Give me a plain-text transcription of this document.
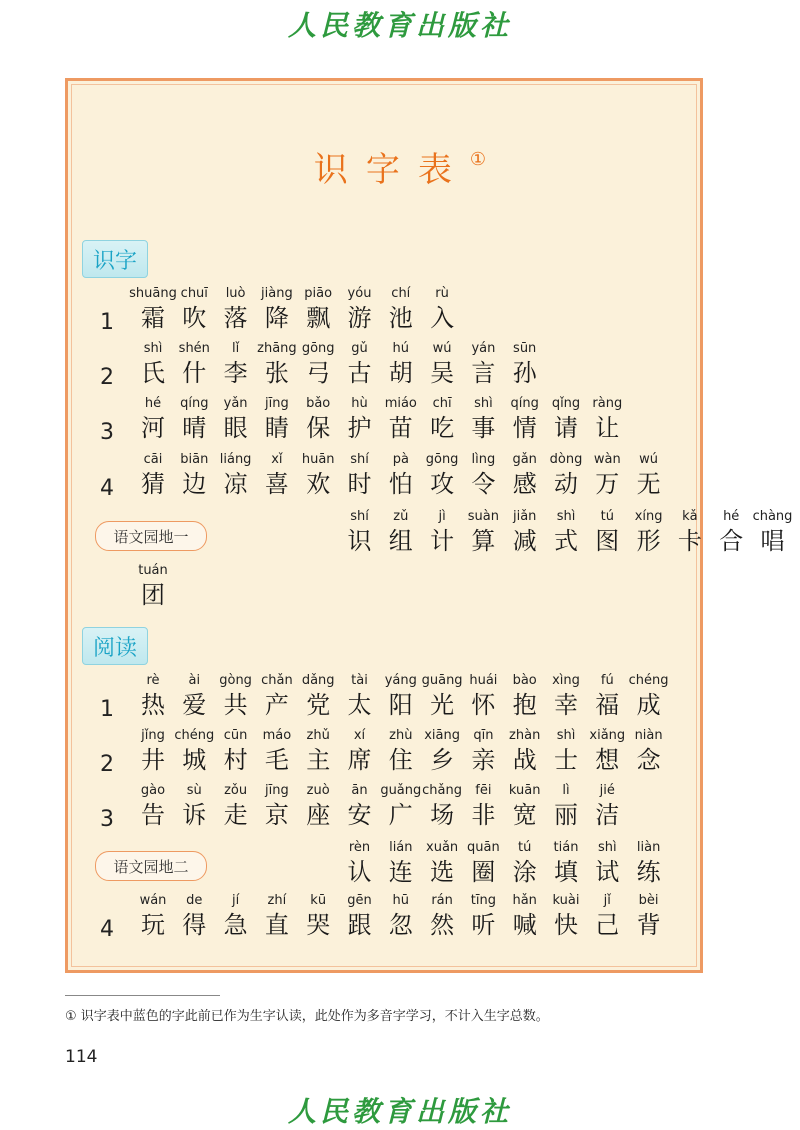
人民教育出版社
识字表①
识字
语文园地一
阅读
语文园地二
1
shuāng
霜
chuī
吹
luò
落
jiàng
降
piāo
飘
yóu
游
chí
池
rù
入
2
shì
氏
shén
什
lǐ
李
zhāng
张
gōng
弓
gǔ
古
hú
胡
wú
吴
yán
言
sūn
孙
3
hé
河
qíng
晴
yǎn
眼
jīng
睛
bǎo
保
hù
护
miáo
苗
chī
吃
shì
事
qíng
情
qǐng
请
ràng
让
4
cāi
猜
biān
边
liáng
凉
xǐ
喜
huān
欢
shí
时
pà
怕
gōng
攻
lìng
令
gǎn
感
dòng
动
wàn
万
wú
无
shí
识
zǔ
组
jì
计
suàn
算
jiǎn
减
shì
式
tú
图
xíng
形
kǎ
卡
hé
合
chàng
唱
tuán
团
1
rè
热
ài
爱
gòng
共
chǎn
产
dǎng
党
tài
太
yáng
阳
guāng
光
huái
怀
bào
抱
xìng
幸
fú
福
chéng
成
2
jǐng
井
chéng
城
cūn
村
máo
毛
zhǔ
主
xí
席
zhù
住
xiāng
乡
qīn
亲
zhàn
战
shì
士
xiǎng
想
niàn
念
3
gào
告
sù
诉
zǒu
走
jīng
京
zuò
座
ān
安
guǎng
广
chǎng
场
fēi
非
kuān
宽
lì
丽
jié
洁
rèn
认
lián
连
xuǎn
选
quān
圈
tú
涂
tián
填
shì
试
liàn
练
4
wán
玩
de
得
jí
急
zhí
直
kū
哭
gēn
跟
hū
忽
rán
然
tīng
听
hǎn
喊
kuài
快
jǐ
己
bèi
背
① 识字表中蓝色的字此前已作为生字认读，此处作为多音字学习，不计入生字总数。
114
人民教育出版社
